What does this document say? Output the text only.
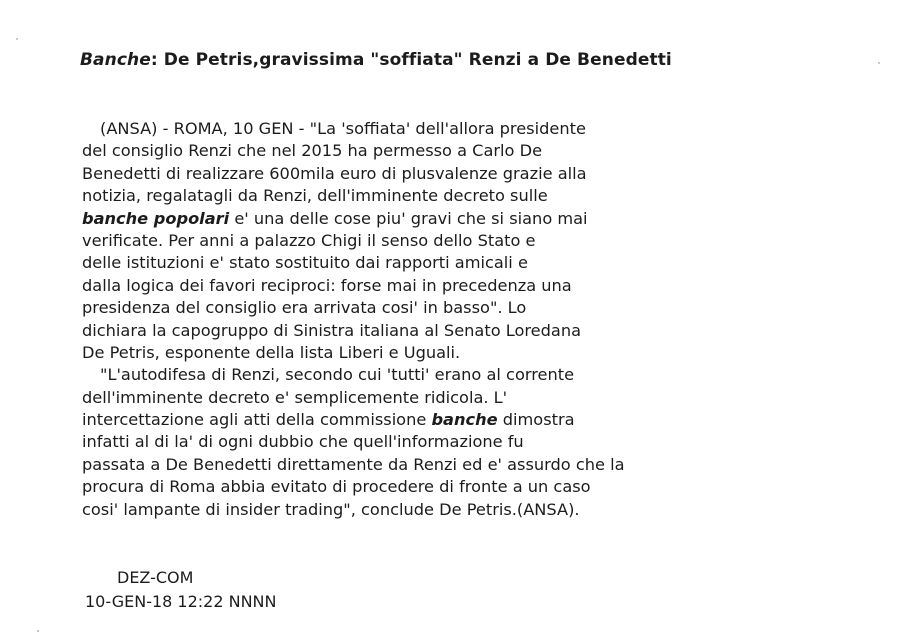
Banche: De Petris,gravissima "soffiata" Renzi a De Benedetti
(ANSA) - ROMA, 10 GEN - "La 'soffiata' dell'allora presidente
del consiglio Renzi che nel 2015 ha permesso a Carlo De
Benedetti di realizzare 600mila euro di plusvalenze grazie alla
notizia, regalatagli da Renzi, dell'imminente decreto sulle
banche popolari e' una delle cose piu' gravi che si siano mai
verificate. Per anni a palazzo Chigi il senso dello Stato e
delle istituzioni e' stato sostituito dai rapporti amicali e
dalla logica dei favori reciproci: forse mai in precedenza una
presidenza del consiglio era arrivata cosi' in basso". Lo
dichiara la capogruppo di Sinistra italiana al Senato Loredana
De Petris, esponente della lista Liberi e Uguali.
"L'autodifesa di Renzi, secondo cui 'tutti' erano al corrente
dell'imminente decreto e' semplicemente ridicola. L'
intercettazione agli atti della commissione banche dimostra
infatti al di la' di ogni dubbio che quell'informazione fu
passata a De Benedetti direttamente da Renzi ed e' assurdo che la
procura di Roma abbia evitato di procedere di fronte a un caso
cosi' lampante di insider trading", conclude De Petris.(ANSA).
DEZ-COM
10-GEN-18 12:22 NNNN
